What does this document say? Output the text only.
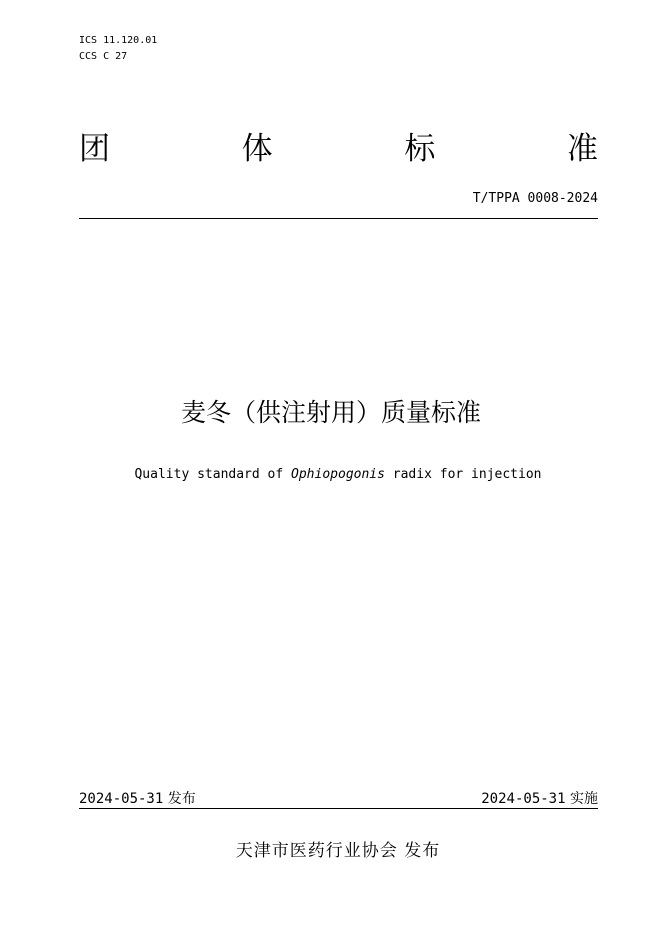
ICS 11.120.01
CCS C 27
团	体	标	准
T/TPPA 0008-2024
麦冬（供注射用）质量标准
Quality standard of Ophiopogonis radix for injection
2024-05-31 发布	2024-05-31 实施
天津市医药行业协会 发布
